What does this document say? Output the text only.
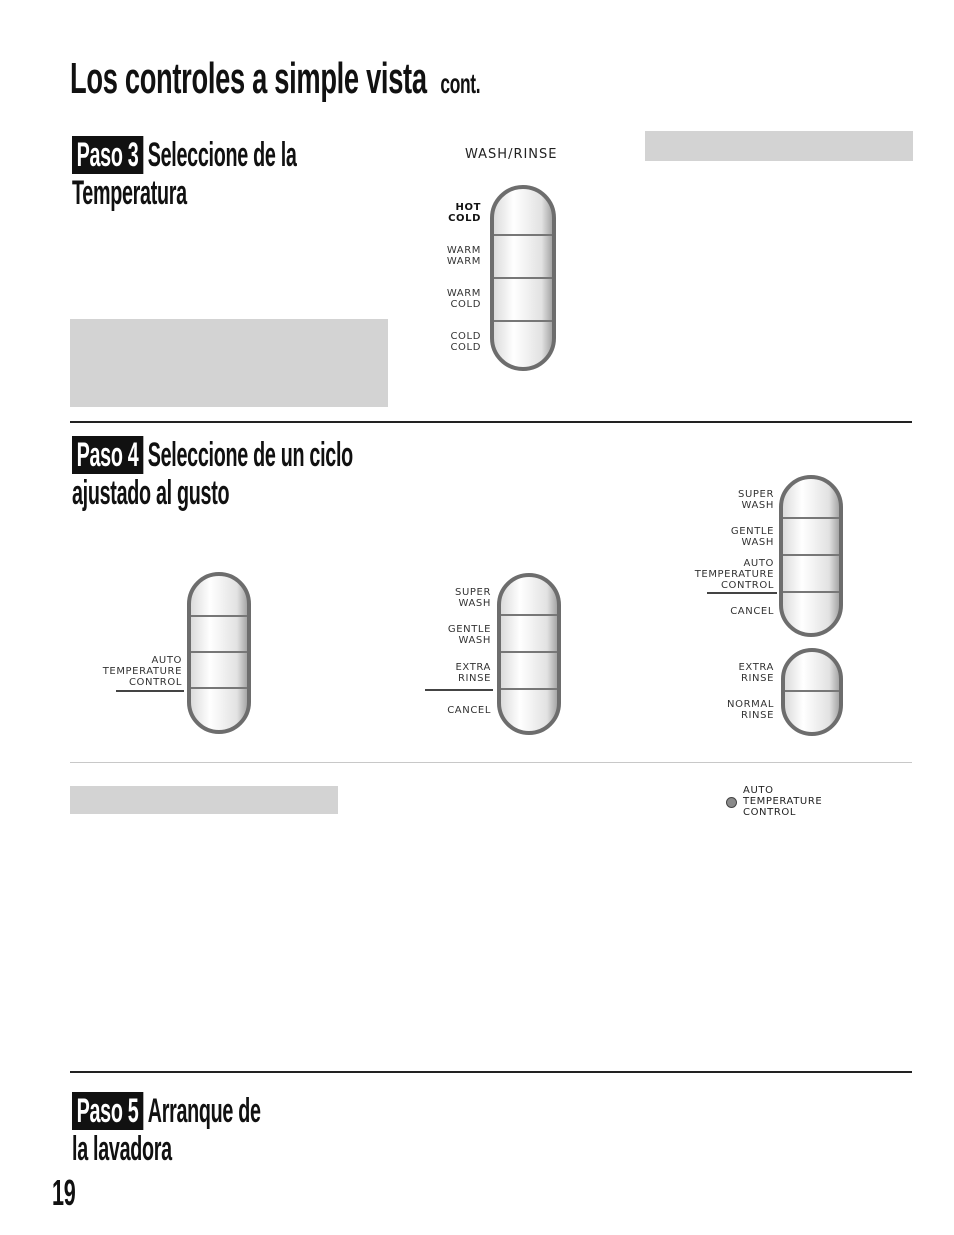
Los controles a simple vista cont.
Paso 3 Seleccione de la
Temperatura
WASH/RINSE
HOT
COLD
WARM
WARM
WARM
COLD
COLD
COLD
Paso 4 Seleccione de un ciclo
ajustado al gusto
AUTO
TEMPERATURE
CONTROL
SUPER
WASH
GENTLE
WASH
EXTRA
RINSE
CANCEL
SUPER
WASH
GENTLE
WASH
AUTO
TEMPERATURE
CONTROL
CANCEL
EXTRA
RINSE
NORMAL
RINSE
AUTO
TEMPERATURE
CONTROL
Paso 5 Arranque de
la lavadora
19
